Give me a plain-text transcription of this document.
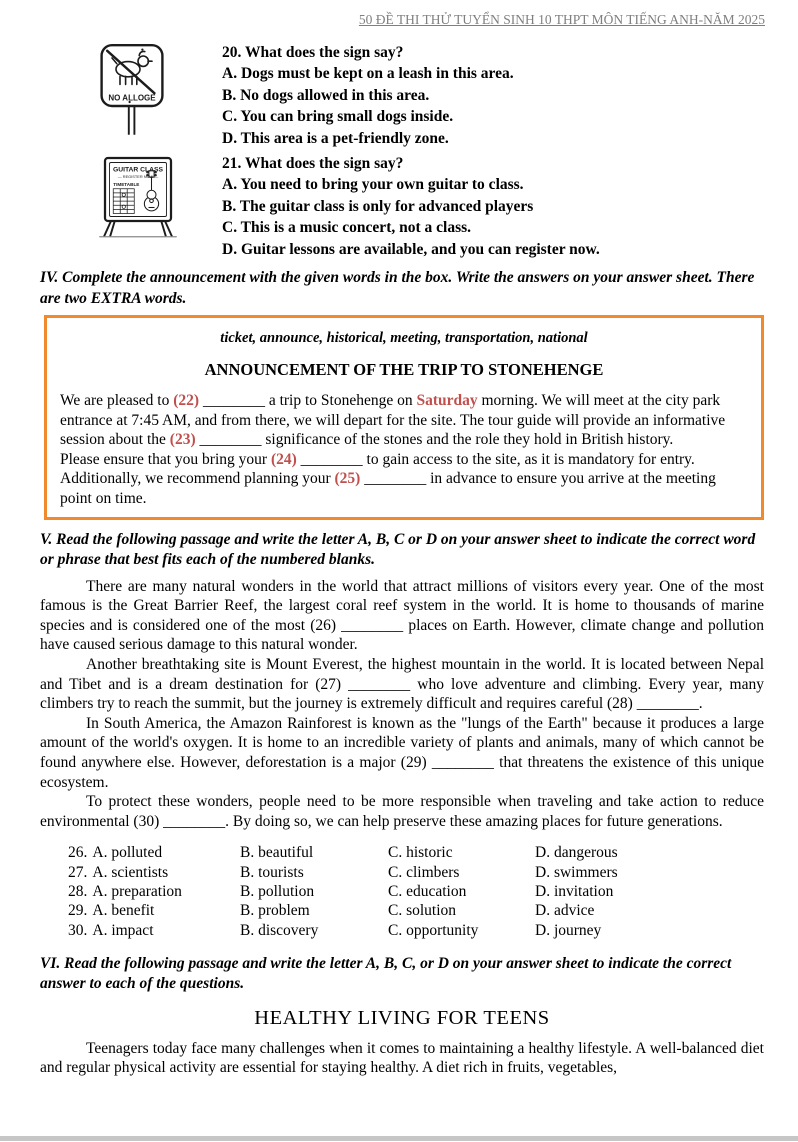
50 ĐỀ THI THỬ TUYỂN SINH 10 THPT MÔN TIẾNG ANH-NĂM 2025
NO ALLOGE
20. What does the sign say?
A. Dogs must be kept on a leash in this area.
B. No dogs allowed in this area.
C. You can bring small dogs inside.
D. This area is a pet-friendly zone.
GUITAR CLASS
— REGISTER NOW —
TIMETABLE
21. What does the sign say?
A. You need to bring your own guitar to class.
B. The guitar class is only for advanced players
C. This is a music concert, not a class.
D. Guitar lessons are available, and you can register now.

IV. Complete the announcement with the given words in the box. Write the answers on your answer sheet. There are two EXTRA words.

ticket, announce, historical, meeting, transportation, national

ANNOUNCEMENT OF THE TRIP TO STONEHENGE

We are pleased to (22) ________ a trip to Stonehenge on Saturday morning. We will meet at the city park entrance at 7:45 AM, and from there, we will depart for the site. The tour guide will provide an informative session about the (23) ________ significance of the stones and the role they hold in British history.

Please ensure that you bring your (24) ________ to gain access to the site, as it is mandatory for entry.

Additionally, we recommend planning your (25) ________ in advance to ensure you arrive at the meeting point on time.

V. Read the following passage and write the letter A, B, C or D on your answer sheet to indicate the correct word or phrase that best fits each of the numbered blanks.

There are many natural wonders in the world that attract millions of visitors every year. One of the most famous is the Great Barrier Reef, the largest coral reef system in the world. It is home to thousands of marine species and is considered one of the most (26) ________ places on Earth. However, climate change and pollution have caused serious damage to this natural wonder.

Another breathtaking site is Mount Everest, the highest mountain in the world. It is located between Nepal and Tibet and is a dream destination for (27) ________ who love adventure and climbing. Every year, many climbers try to reach the summit, but the journey is extremely difficult and requires careful (28) ________.

In South America, the Amazon Rainforest is known as the "lungs of the Earth" because it produces a large amount of the world's oxygen. It is home to an incredible variety of plants and animals, many of which cannot be found anywhere else. However, deforestation is a major (29) ________ that threatens the existence of this unique ecosystem.

To protect these wonders, people need to be more responsible when traveling and take action to reduce environmental (30) ________. By doing so, we can help preserve these amazing places for future generations.

26. A. polluted	B. beautiful	C. historic	D. dangerous
27. A. scientists	B. tourists	C. climbers	D. swimmers
28. A. preparation	B. pollution	C. education	D. invitation
29. A. benefit	B. problem	C. solution	D. advice
30. A. impact	B. discovery	C. opportunity	D. journey

VI. Read the following passage and write the letter A, B, C, or D on your answer sheet to indicate the correct answer to each of the questions.

HEALTHY LIVING FOR TEENS

Teenagers today face many challenges when it comes to maintaining a healthy lifestyle. A well-balanced diet and regular physical activity are essential for staying healthy. A diet rich in fruits, vegetables,
